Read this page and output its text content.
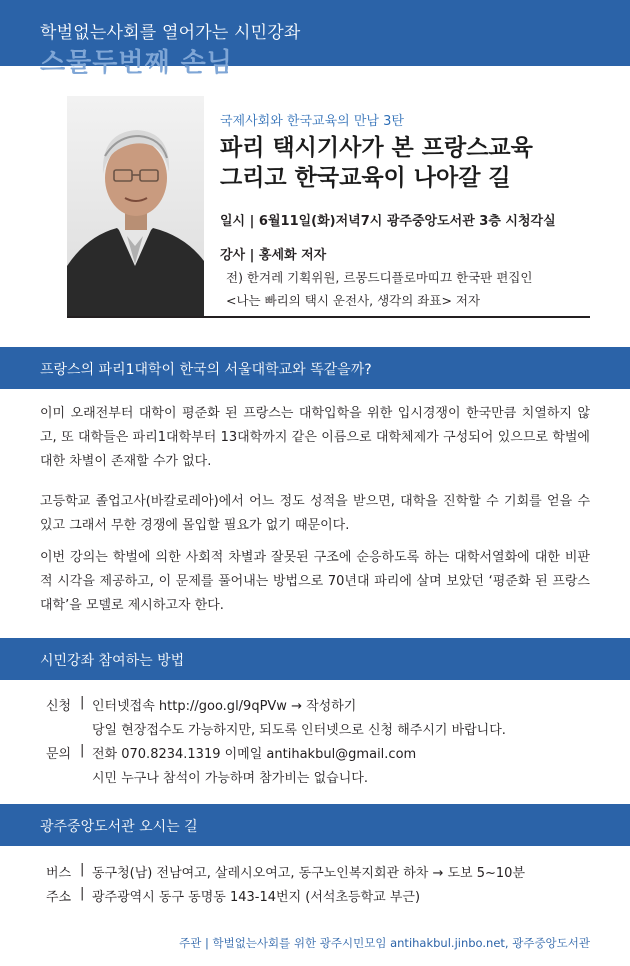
학벌없는사회를 열어가는 시민강좌
스물두번째 손님
국제사회와 한국교육의 만남 3탄
파리 택시기사가 본 프랑스교육
그리고 한국교육이 나아갈 길
일시 | 6월11일(화)저녁7시 광주중앙도서관 3층 시청각실
강사 | 홍세화 저자
전) 한겨레 기획위원, 르몽드디플로마띠끄 한국판 편집인
<나는 빠리의 택시 운전사, 생각의 좌표> 저자
프랑스의 파리1대학이 한국의 서울대학교와 똑같을까?
이미 오래전부터 대학이 평준화 된 프랑스는 대학입학을 위한 입시경쟁이 한국만큼 치열하지 않고, 또 대학들은 파리1대학부터 13대학까지 같은 이름으로 대학체제가 구성되어 있으므로 학벌에 대한 차별이 존재할 수가 없다.
고등학교 졸업고사(바칼로레아)에서 어느 정도 성적을 받으면, 대학을 진학할 수 기회를 얻을 수 있고 그래서 무한 경쟁에 몰입할 필요가 없기 때문이다.
이번 강의는 학벌에 의한 사회적 차별과 잘못된 구조에 순응하도록 하는 대학서열화에 대한 비판적 시각을 제공하고, 이 문제를 풀어내는 방법으로 70년대 파리에 살며 보았던 ‘평준화 된 프랑스 대학’을 모델로 제시하고자 한다.
시민강좌 참여하는 방법
신청 | 인터넷접속 http://goo.gl/9qPVw → 작성하기
당일 현장접수도 가능하지만, 되도록 인터넷으로 신청 해주시기 바랍니다.
문의 | 전화 070.8234.1319 이메일 antihakbul@gmail.com
시민 누구나 참석이 가능하며 참가비는 없습니다.
광주중앙도서관 오시는 길
버스 | 동구청(남) 전남여고, 살레시오여고, 동구노인복지회관 하차 → 도보 5~10분
주소 | 광주광역시 동구 동명동 143-14번지 (서석초등학교 부근)
주관 | 학벌없는사회를 위한 광주시민모임 antihakbul.jinbo.net, 광주중앙도서관
